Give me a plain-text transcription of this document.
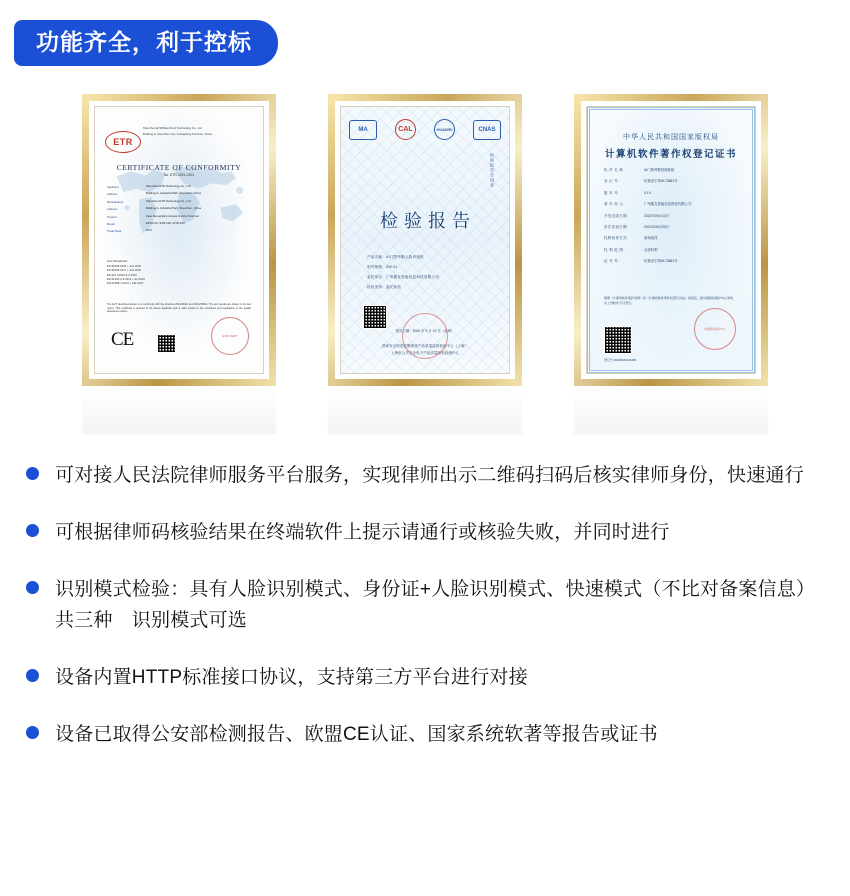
功能齐全，利于控标
ETR
Shenzhen ETR(Shenzhen) Technology Co., Ltd
Building A, Shenzhen City, Guangdong Province, China
CERTIFICATE OF CONFORMITY
No. ETR-2021-0101
Applicant	Shenzhen ETR Technology Co., Ltd.
Address	Building A, Industrial Park, Shenzhen, China
Manufacturer	Shenzhen ETR Technology Co., Ltd.
Address	Building A, Industrial Park, Shenzhen, China
Product	Face Recognition Access Control Terminal
Model	ETR-F10 / ETR-F20 / ETR-F30
Trade Mark	ETR
Test Standards:
EN 55032:2015 + A11:2020
EN 55035:2017 + A11:2020
EN IEC 61000-3-2:2019
EN 61000-3-3:2013 + A1:2019
EN 62368-1:2014 + A11:2017
The EUT described above is in conformity with the directive 2014/30/EU and 2014/35/EU. The test results are shown in the test report. This certificate is granted to the above applicant and is valid subject to the conditions and regulations in the quality assurance system.
CE	ETR CERT
MA	CAL	HUAWEI	CNAS
检验报告专用章
检验报告
产品名称：AI门禁考勤人脸识别机
型号规格：ZW-01
委托单位：广州鑫友智能信息科技有限公司
检验类别：委托检验
报告日期：2020 年 9 月 21 日（盖章）
国家安全防范报警系统产品质量监督检验中心（上海）
上海市公共安全电子产品质量检验检测中心
中华人民共和国国家版权局
计算机软件著作权登记证书
软 件 名 称：	AI门禁考勤管理系统
登 记 号：	软著登字第6173881号
版 本 号：	V1.0
著 作 权 人：	广州鑫友智能信息科技有限公司
开发完成日期：	2020年05月12日
首次发表日期：	2020年06月20日
权利取得方式：	原始取得
权 利 范 围：	全部权利
证 书 号：	软著登字第6173881号
根据《计算机软件保护条例》和《计算机软件著作权登记办法》的规定，经中国版权保护中心审核，对上列软件予以登记。
登记号 2020SR0123456
中国版权保护中心
可对接人民法院律师服务平台服务，实现律师出示二维码扫码后核实律师身份，快速通行
可根据律师码核验结果在终端软件上提示请通行或核验失败，并同时进行
识别模式检验：具有人脸识别模式、身份证+人脸识别模式、快速模式（不比对备案信息）共三种　识别模式可选
设备内置HTTP标准接口协议，支持第三方平台进行对接
设备已取得公安部检测报告、欧盟CE认证、国家系统软著等报告或证书
